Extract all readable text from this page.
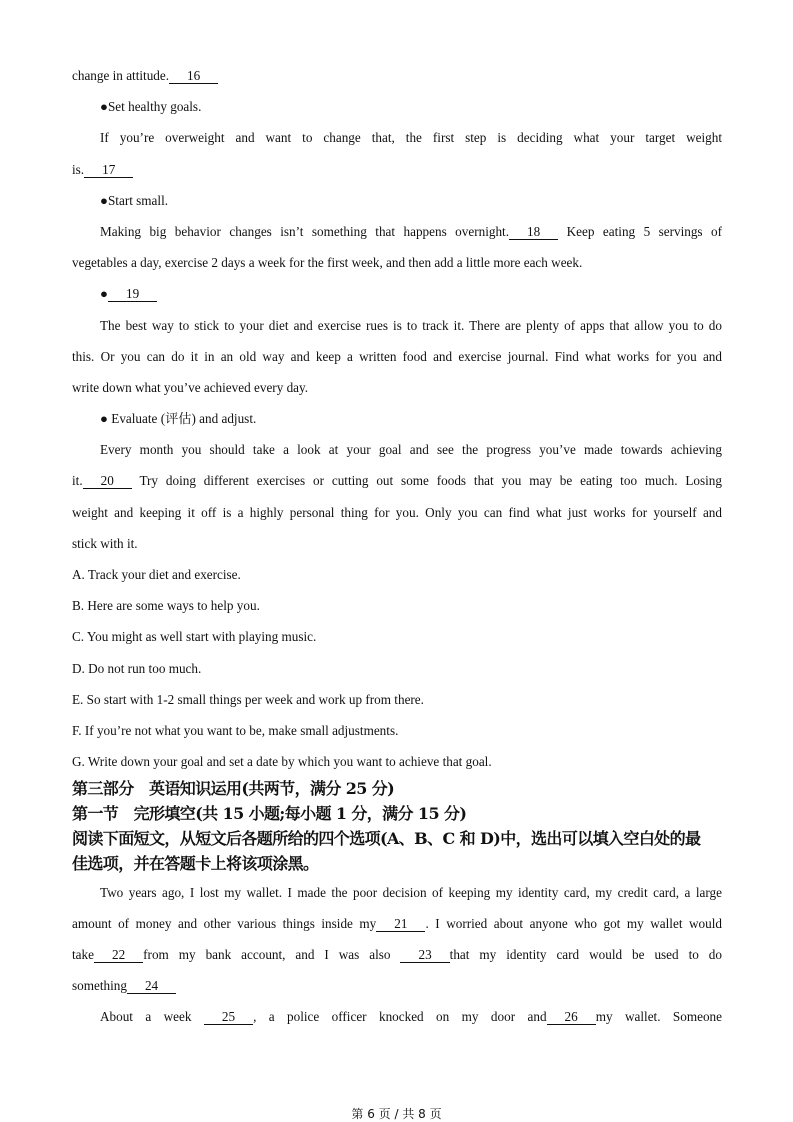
change in attitude. 16
●Set healthy goals.
If you’re overweight and want to change that, the first step is deciding what your target weight
is. 17
●Start small.
Making big behavior changes isn’t something that happens overnight. 18 Keep eating 5 servings of
vegetables a day, exercise 2 days a week for the first week, and then add a little more each week.
● 19
The best way to stick to your diet and exercise rues is to track it. There are plenty of apps that allow you to do
this. Or you can do it in an old way and keep a written food and exercise journal. Find what works for you and
write down what you’ve achieved every day.
● Evaluate (评估) and adjust.
Every month you should take a look at your goal and see the progress you’ve made towards achieving
it. 20 Try doing different exercises or cutting out some foods that you may be eating too much. Losing
weight and keeping it off is a highly personal thing for you. Only you can find what just works for yourself and
stick with it.
A. Track your diet and exercise.
B. Here are some ways to help you.
C. You might as well start with playing music.
D. Do not run too much.
E. So start with 1-2 small things per week and work up from there.
F. If you’re not what you want to be, make small adjustments.
G. Write down your goal and set a date by which you want to achieve that goal.
第三部分　英语知识运用(共两节，满分 25 分)
第一节　完形填空(共 15 小题;每小题 1 分，满分 15 分)
阅读下面短文，从短文后各题所给的四个选项(A、B、C 和 D)中，选出可以填入空白处的最
佳选项，并在答题卡上将该项涂黑。
Two years ago, I lost my wallet. I made the poor decision of keeping my identity card, my credit card, a large
amount of money and other various things inside my 21 . I worried about anyone who got my wallet would
take 22 from my bank account, and I was also 23 that my identity card would be used to do
something 24
About a week 25 , a police officer knocked on my door and 26 my wallet. Someone
第 6 页 / 共 8 页
